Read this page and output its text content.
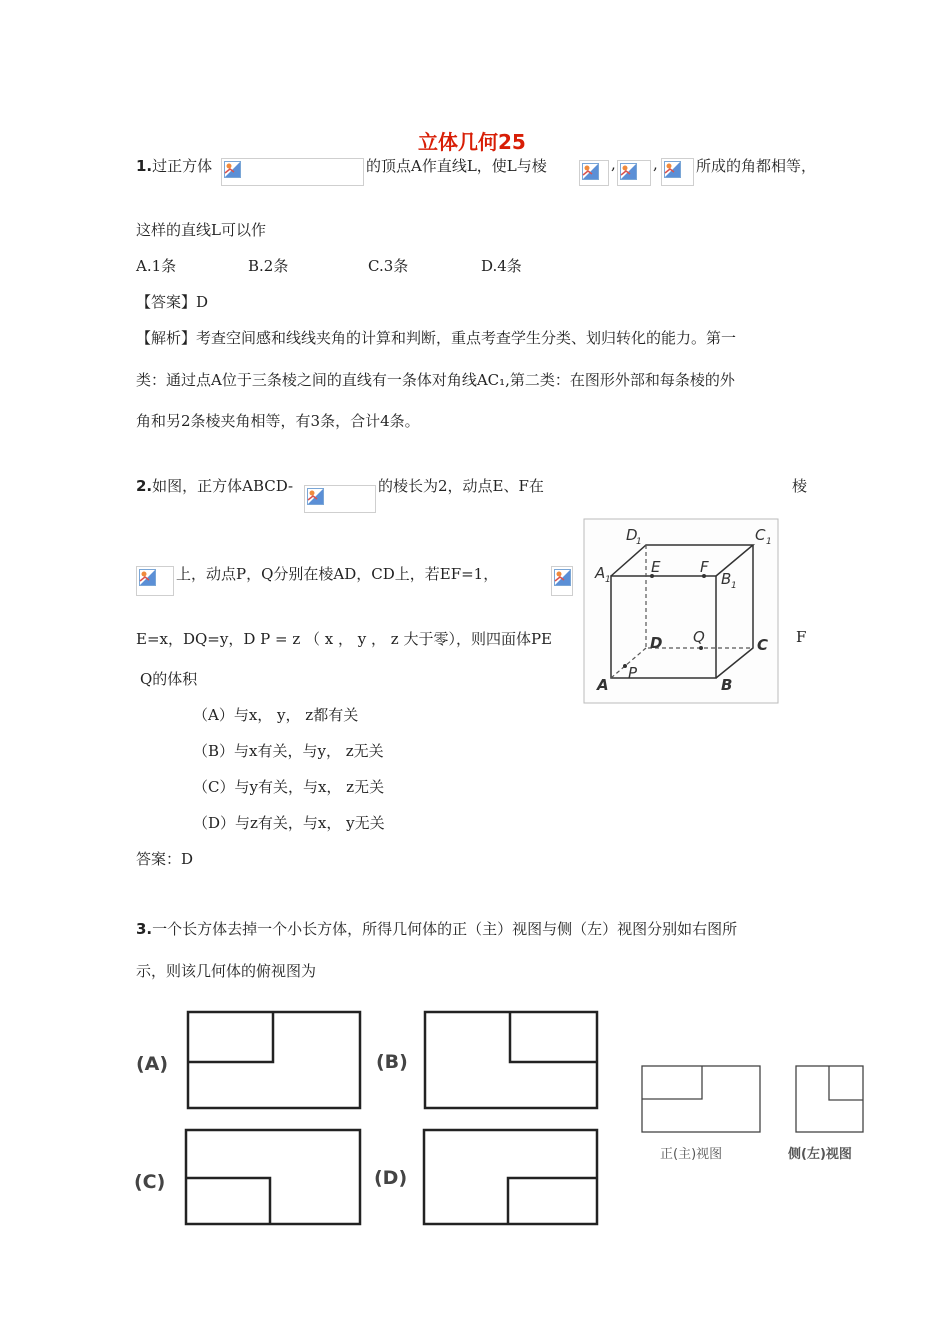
立体几何25
1.过正方体	的顶点A作直线L，使L与棱	, ,	所成的角都相等，
这样的直线L可以作
A.1条	B.2条	C.3条	D.4条
【答案】D
【解析】考查空间感和线线夹角的计算和判断，重点考查学生分类、划归转化的能力。第一
类：通过点A位于三条棱之间的直线有一条体对角线AC₁,第二类：在图形外部和每条棱的外
角和另2条棱夹角相等，有3条，合计4条。
2.如图，正方体ABCD-	的棱长为2，动点E、F在	棱
上，动点P，Q分别在棱AD，CD上，若EF=1，
E=x，DQ=y，D P = z （ x ， y ， z 大于零），则四面体PE	F
Q的体积
（A）与x， y， z都有关
（B）与x有关，与y， z无关
（C）与y有关，与x， z无关
（D）与z有关，与x， y无关
答案：D
D
1	C 1
A 1
E	F
B 1
D Q	C
P
A	B
3.一个长方体去掉一个小长方体，所得几何体的正（主）视图与侧（左）视图分别如右图所
示，则该几何体的俯视图为
(A)	(B)
(C)	(D)
正(主)视图	侧(左)视图
